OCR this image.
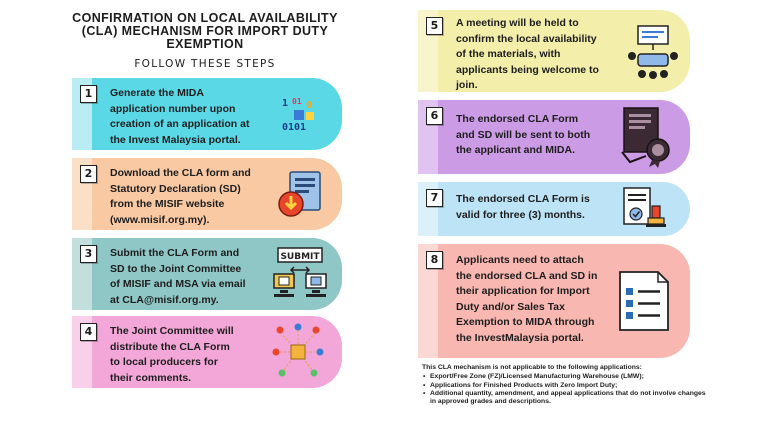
CONFIRMATION ON LOCAL AVAILABILITY
(CLA) MECHANISM FOR IMPORT DUTY
EXEMPTION
FOLLOW THESE STEPS
1	Generate the MIDA
application number upon
creation of an application at
the Invest Malaysia portal.
1 01 0
0101
2	Download the CLA form and
Statutory Declaration (SD)
from the MISIF website
(www.misif.org.my).
3	Submit the CLA Form and
SD to the Joint Committee
of MISIF and MSA via email
at CLA@misif.org.my.
SUBMIT
4	The Joint Committee will
distribute the CLA Form
to local producers for
their comments.
5	A meeting will be held to
confirm the local availability
of the materials, with
applicants being welcome to
join.
6	The endorsed CLA Form
and SD will be sent to both
the applicant and MIDA.
7	The endorsed CLA Form is
valid for three (3) months.
8	Applicants need to attach
the endorsed CLA and SD in
their application for Import
Duty and/or Sales Tax
Exemption to MIDA through
the InvestMalaysia portal.
This CLA mechanism is not applicable to the following applications:
• Export/Free Zone (FZ)/Licensed Manufacturing Warehouse (LMW);
• Applications for Finished Products with Zero Import Duty;
• Additional quantity, amendment, and appeal applications that do not involve changes in approved grades and descriptions.
